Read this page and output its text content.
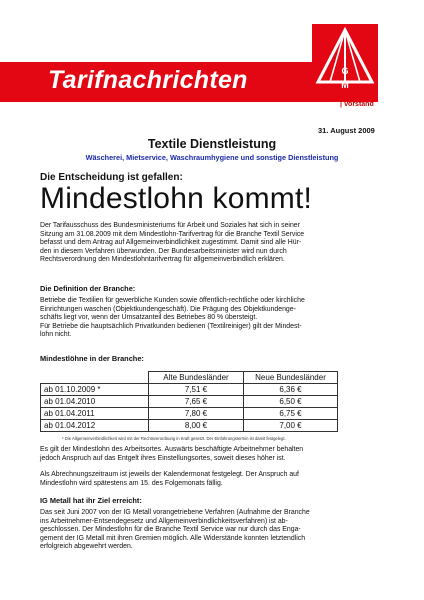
Tarifnachrichten
I
G
M
| Vorstand
31. August 2009
Textile Dienstleistung
Wäscherei, Mietservice, Waschraumhygiene und sonstige Dienstleistung
Die Entscheidung ist gefallen:
Mindestlohn kommt!
Der Tarifausschuss des Bundesministeriums für Arbeit und Soziales hat sich in seiner
Sitzung am 31.08.2009 mit dem Mindestlohn-Tarifvertrag für die Branche Textil Service
befasst und dem Antrag auf Allgemeinverbindlichkeit zugestimmt. Damit sind alle Hür-
den in diesem Verfahren überwunden. Der Bundesarbeitsminister wird nun durch
Rechtsverordnung den Mindestlohntarifvertrag für allgemeinverbindlich erklären.
Die Definition der Branche:
Betriebe die Textilien für gewerbliche Kunden sowie öffentlich-rechtliche oder kirchliche
Einrichtungen waschen (Objektkundengeschäft). Die Prägung des Objektkundenge-
schäfts liegt vor, wenn der Umsatzanteil des Betriebes 80 % übersteigt.
Für Betriebe die hauptsächlich Privatkunden bedienen (Textilreiniger) gilt der Mindest-
lohn nicht.
Mindestlöhne in der Branche:
	Alte Bundesländer	Neue Bundesländer
ab 01.10.2009 *	7,51 €	6,36 €
ab 01.04.2010	7,65 €	6,50 €
ab 01.04.2011	7,80 €	6,75 €
ab 01.04.2012	8,00 €	7,00 €
* Die Allgemeinverbindlichkeit wird mit der Rechtsverordnung in Kraft gesetzt. Der Einführungstermin ist damit festgelegt.
Es gilt der Mindestlohn des Arbeitsortes. Auswärts beschäftigte Arbeitnehmer behalten
jedoch Anspruch auf das Entgelt ihres Einstellungsortes, soweit dieses höher ist.
Als Abrechnungszeitraum ist jeweils der Kalendermonat festgelegt. Der Anspruch auf
Mindestlohn wird spätestens am 15. des Folgemonats fällig.
IG Metall hat ihr Ziel erreicht:
Das seit Juni 2007 von der IG Metall vorangetriebene Verfahren (Aufnahme der Branche
ins Arbeitnehmer-Entsendegesetz und Allgemeinverbindlichkeitsverfahren) ist ab-
geschlossen. Der Mindestlohn für die Branche Textil Service war nur durch das Enga-
gement der IG Metall mit ihren Gremien möglich. Alle Widerstände konnten letztendlich
erfolgreich abgewehrt werden.
